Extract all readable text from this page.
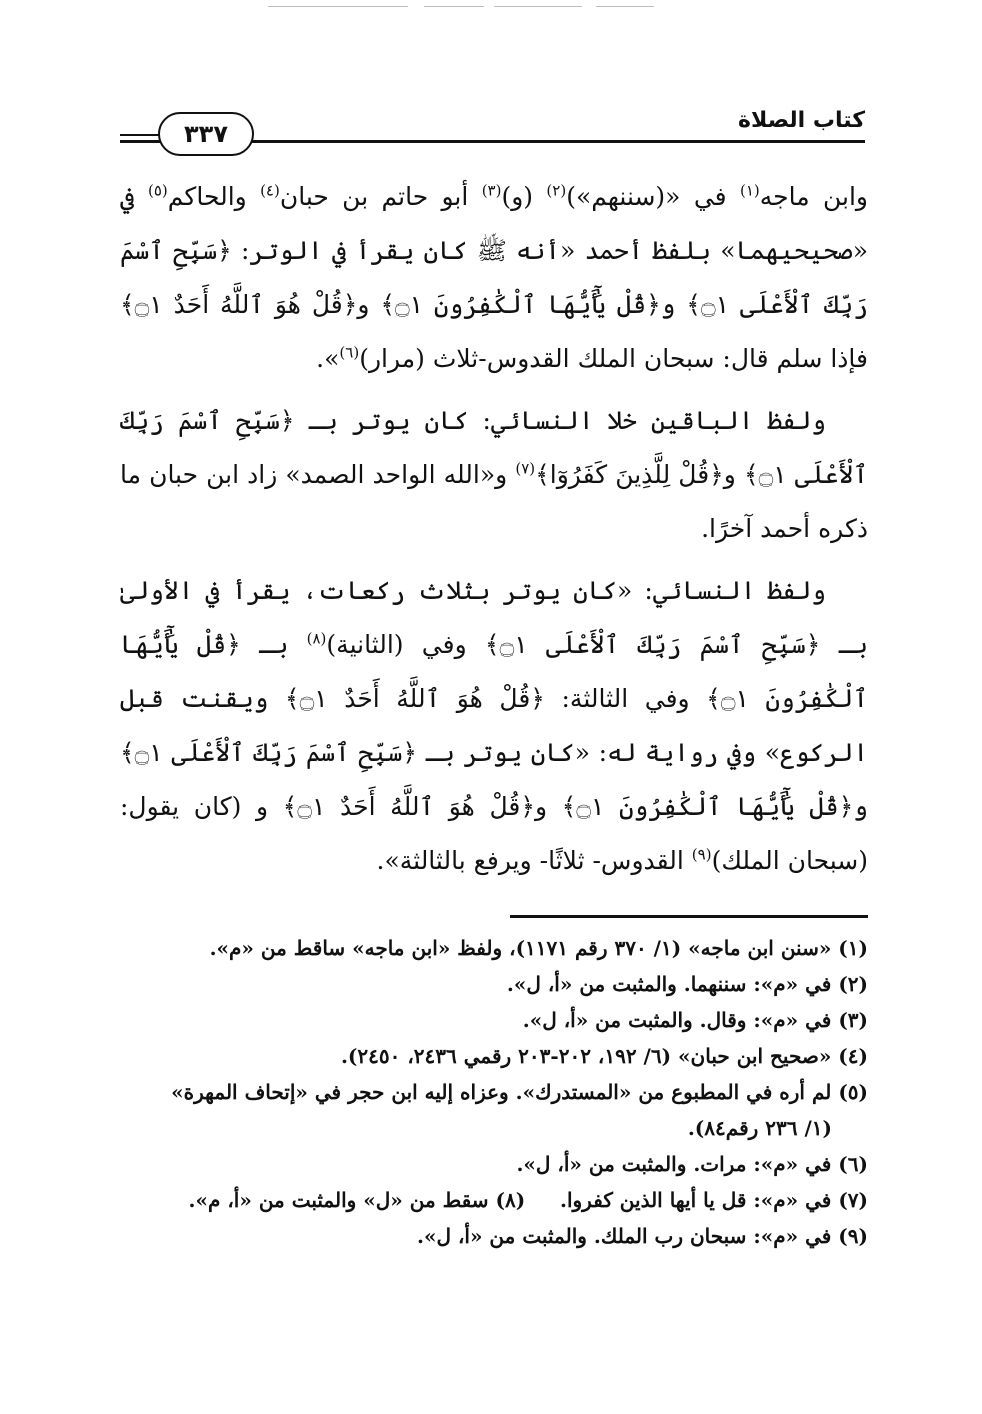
كتاب الصلاة
٣٣٧

وابن ماجه$^{(١)}$ في «(سننهم»)$^{(٢)}$ (و)$^{(٣)}$ أبو حاتم بن حبان$^{(٤)}$ والحاكم$^{(٥)}$ في «صحيحيهما» بلفظ أحمد «أنه ﷺ كان يقرأ في الوتر: ﴿سَبِّحِ ٱسْمَ رَبِّكَ ٱلْأَعْلَى ۝١﴾ و﴿قُلْ يَٰٓأَيُّهَا ٱلْكَٰفِرُونَ ۝١﴾ و﴿قُلْ هُوَ ٱللَّهُ أَحَدٌ ۝١﴾ فإذا سلم قال: سبحان الملك القدوس-ثلاث (مرار)$^{(٦)}$».

ولفظ الباقين خلا النسائي: كان يوتر بـ ﴿سَبِّحِ ٱسْمَ رَبِّكَ ٱلْأَعْلَى ۝١﴾ و﴿قُلْ لِلَّذِينَ كَفَرُوٓا﴾$^{(٧)}$ و«الله الواحد الصمد» زاد ابن حبان ما ذكره أحمد آخرًا.

ولفظ النسائي: «كان يوتر بثلاث ركعات، يقرأ في الأولىٰ بـ ﴿سَبِّحِ ٱسْمَ رَبِّكَ ٱلْأَعْلَى ۝١﴾ وفي (الثانية)$^{(٨)}$ بـ ﴿قُلْ يَٰٓأَيُّهَا ٱلْكَٰفِرُونَ ۝١﴾ وفي الثالثة: ﴿قُلْ هُوَ ٱللَّهُ أَحَدٌ ۝١﴾ ويقنت قبل الركوع» وفي رواية له: «كان يوتر بـ ﴿سَبِّحِ ٱسْمَ رَبِّكَ ٱلْأَعْلَى ۝١﴾ و﴿قُلْ يَٰٓأَيُّهَا ٱلْكَٰفِرُونَ ۝١﴾ و﴿قُلْ هُوَ ٱللَّهُ أَحَدٌ ۝١﴾ و (كان يقول: (سبحان الملك)$^{(٩)}$ القدوس- ثلاثًا- ويرفع بالثالثة».

(١) «سنن ابن ماجه» (١/ ٣٧٠ رقم ١١٧١)، ولفظ «ابن ماجه» ساقط من «م».

(٢) في «م»: سننهما. والمثبت من «أ، ل».

(٣) في «م»: وقال. والمثبت من «أ، ل».

(٤) «صحيح ابن حبان» (٦/ ١٩٢، ٢٠٢-٢٠٣ رقمي ٢٤٣٦، ٢٤٥٠).

(٥) لم أره في المطبوع من «المستدرك». وعزاه إليه ابن حجر في «إتحاف المهرة»
(١/ ٢٣٦ رقم٨٤).

(٦) في «م»: مرات. والمثبت من «أ، ل».

(٧) في «م»: قل يا أيها الذين كفروا.     (٨) سقط من «ل» والمثبت من «أ، م».

(٩) في «م»: سبحان رب الملك. والمثبت من «أ، ل».
